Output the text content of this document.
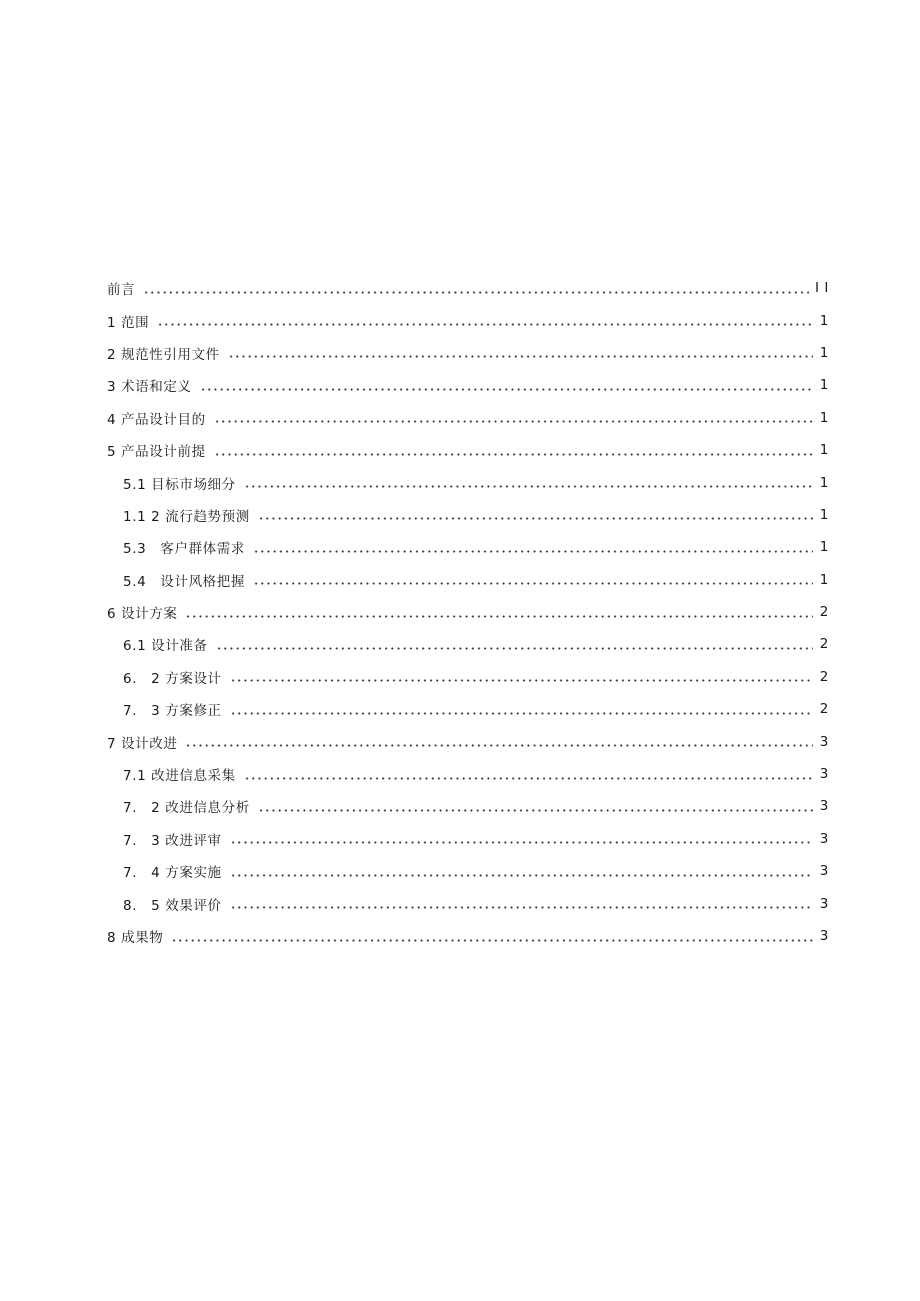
前言	I I
1 范围	1
2 规范性引用文件	1
3 术语和定义	1
4 产品设计目的	1
5 产品设计前提	1
5.1 目标市场细分	1
1.1 2 流行趋势预测	1
5.3　客户群体需求	1
5.4　设计风格把握	1
6 设计方案	2
6.1 设计准备	2
6.　2 方案设计	2
7.　3 方案修正	2
7 设计改进	3
7.1 改进信息采集	3
7.　2 改进信息分析	3
7.　3 改进评审	3
7.　4 方案实施	3
8.　5 效果评价	3
8 成果物	3
